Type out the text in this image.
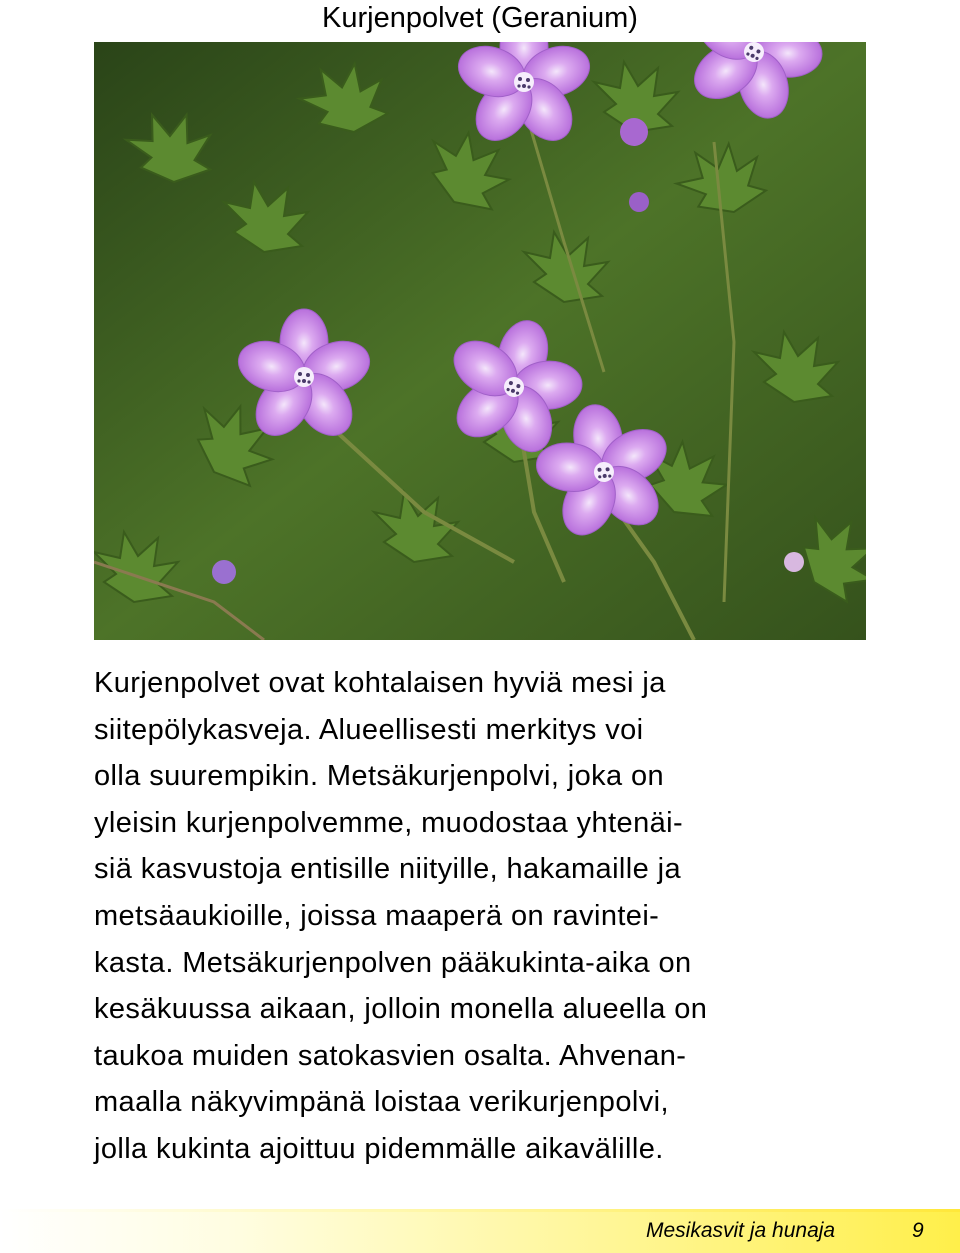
Kurjenpolvet (Geranium)
Kurjenpolvet ovat kohtalaisen hyviä mesi ja
siitepölykasveja. Alueellisesti merkitys voi
olla suurempikin. Metsäkurjenpolvi, joka on
yleisin kurjenpolvemme, muodostaa yhtenäi-
siä kasvustoja entisille niityille, hakamaille ja
metsäaukioille, joissa maaperä on ravintei-
kasta. Metsäkurjenpolven pääkukinta-aika on
kesäkuussa aikaan, jolloin monella alueella on
taukoa muiden satokasvien osalta. Ahvenan-
maalla näkyvimpänä loistaa verikurjenpolvi,
jolla kukinta ajoittuu pidemmälle aikavälille.
Mesikasvit ja hunaja	9
